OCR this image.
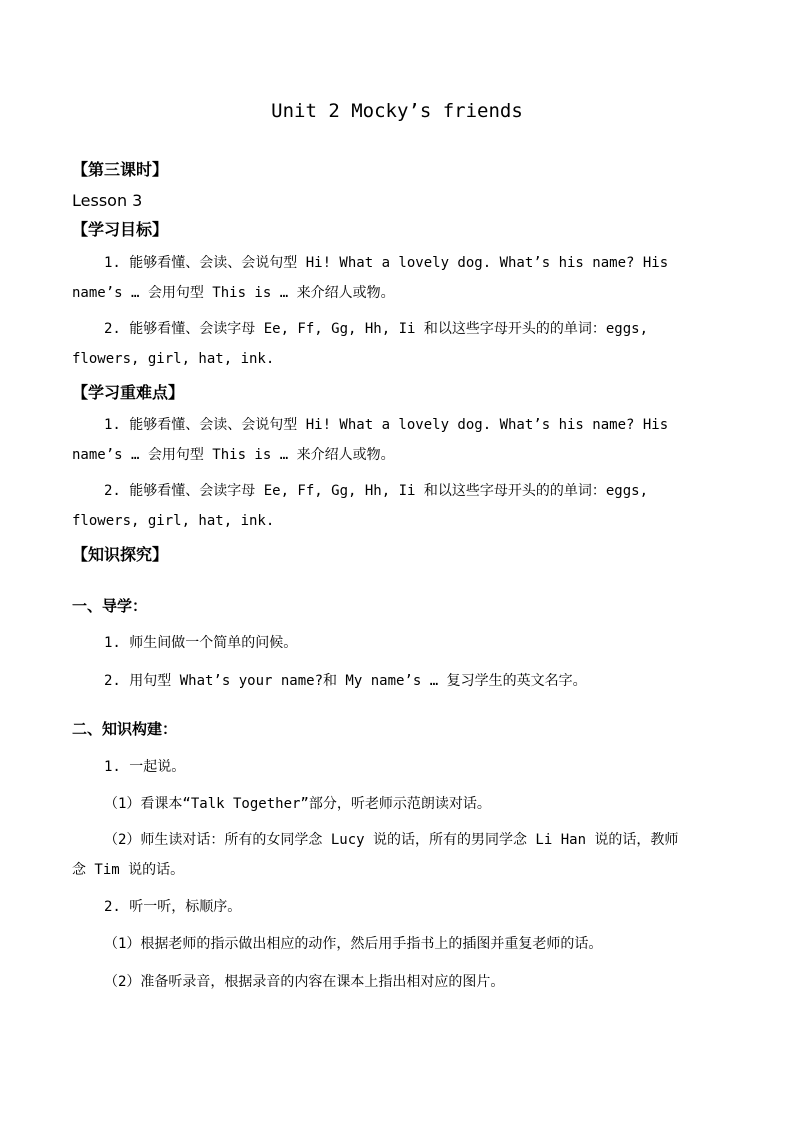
Unit 2 Mocky’s friends
【第三课时】
Lesson 3
【学习目标】
1. 能够看懂、会读、会说句型 Hi! What a lovely dog. What’s his name? His
name’s … 会用句型 This is … 来介绍人或物。
2. 能够看懂、会读字母 Ee, Ff, Gg, Hh, Ii 和以这些字母开头的的单词：eggs,
flowers, girl, hat, ink.
【学习重难点】
1. 能够看懂、会读、会说句型 Hi! What a lovely dog. What’s his name? His
name’s … 会用句型 This is … 来介绍人或物。
2. 能够看懂、会读字母 Ee, Ff, Gg, Hh, Ii 和以这些字母开头的的单词：eggs,
flowers, girl, hat, ink.
【知识探究】
一、导学：
1. 师生间做一个简单的问候。
2. 用句型 What’s your name?和 My name’s … 复习学生的英文名字。
二、知识构建：
1. 一起说。
（1）看课本“Talk Together”部分，听老师示范朗读对话。
（2）师生读对话：所有的女同学念 Lucy 说的话，所有的男同学念 Li Han 说的话，教师
念 Tim 说的话。
2. 听一听，标顺序。
（1）根据老师的指示做出相应的动作，然后用手指书上的插图并重复老师的话。
（2）准备听录音，根据录音的内容在课本上指出相对应的图片。
